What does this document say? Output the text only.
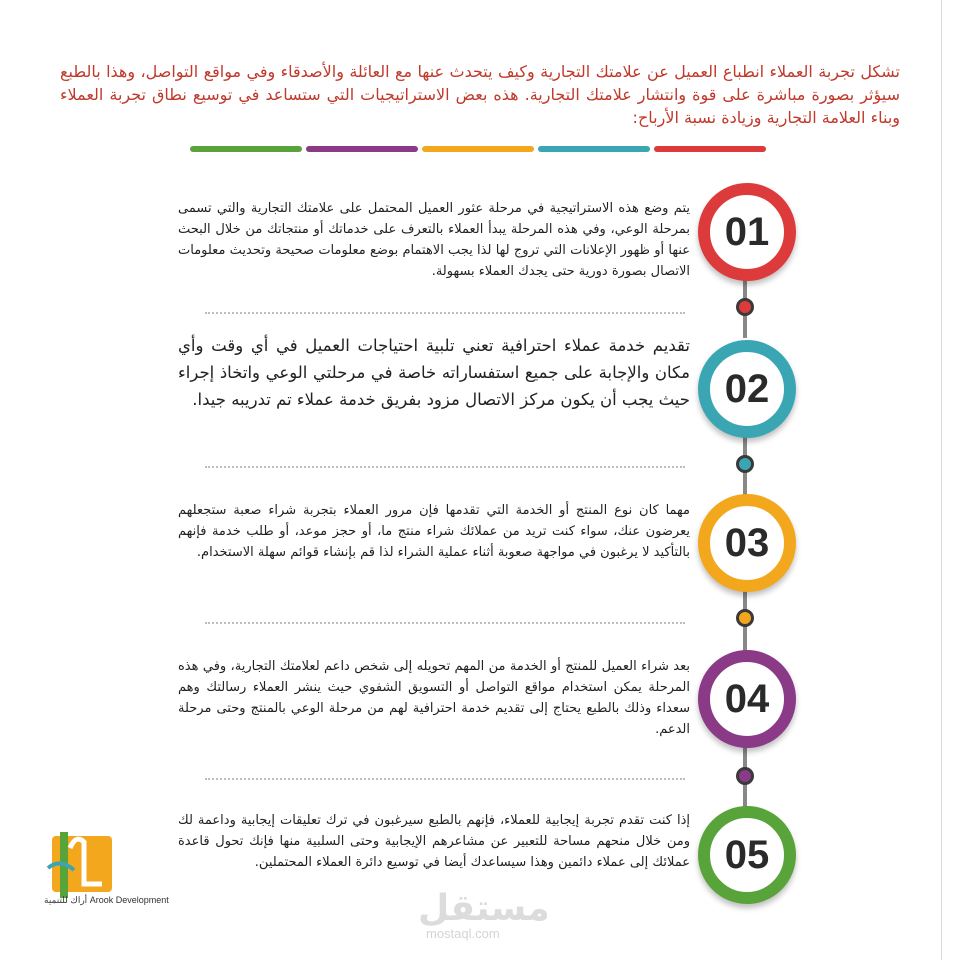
تشكل تجربة العملاء انطباع العميل عن علامتك التجارية وكيف يتحدث عنها مع العائلة والأصدقاء وفي مواقع التواصل، وهذا بالطبع سيؤثر بصورة مباشرة على قوة وانتشار علامتك التجارية. هذه بعض الاستراتيجيات التي ستساعد في توسيع نطاق تجربة العملاء وبناء العلامة التجارية وزيادة نسبة الأرباح:

01
02
03
04
05

يتم وضع هذه الاستراتيجية في مرحلة عثور العميل المحتمل على علامتك التجارية والتي تسمى بمرحلة الوعي، وفي هذه المرحلة يبدأ العملاء بالتعرف على خدماتك أو منتجاتك من خلال البحث عنها أو ظهور الإعلانات التي تروج لها لذا يجب الاهتمام بوضع معلومات صحيحة وتحديث معلومات الاتصال بصورة دورية حتى يجدك العملاء بسهولة.

تقديم خدمة عملاء احترافية تعني تلبية احتياجات العميل في أي وقت وأي مكان والإجابة على جميع استفساراته خاصة في مرحلتي الوعي واتخاذ إجراء حيث يجب أن يكون مركز الاتصال مزود بفريق خدمة عملاء تم تدريبه جيدا.

مهما كان نوع المنتج أو الخدمة التي تقدمها فإن مرور العملاء بتجربة شراء صعبة ستجعلهم يعرضون عنك، سواء كنت تريد من عملائك شراء منتج ما، أو حجز موعد، أو طلب خدمة فإنهم بالتأكيد لا يرغبون في مواجهة صعوبة أثناء عملية الشراء لذا قم بإنشاء قوائم سهلة الاستخدام.

بعد شراء العميل للمنتج أو الخدمة من المهم تحويله إلى شخص داعم لعلامتك التجارية، وفي هذه المرحلة يمكن استخدام مواقع التواصل أو التسويق الشفوي حيث ينشر العملاء رسالتك وهم سعداء وذلك بالطبع يحتاج إلى تقديم خدمة احترافية لهم من مرحلة الوعي بالمنتج وحتى مرحلة الدعم.

إذا كنت تقدم تجربة إيجابية للعملاء، فإنهم بالطبع سيرغبون في ترك تعليقات إيجابية وداعمة لك ومن خلال منحهم مساحة للتعبير عن مشاعرهم الإيجابية وحتى السلبية منها فإنك تحول قاعدة عملائك إلى عملاء دائمين وهذا سيساعدك أيضا في توسيع دائرة العملاء المحتملين.

أراك للتنمية Arook Development	مستقل
mostaql.com
